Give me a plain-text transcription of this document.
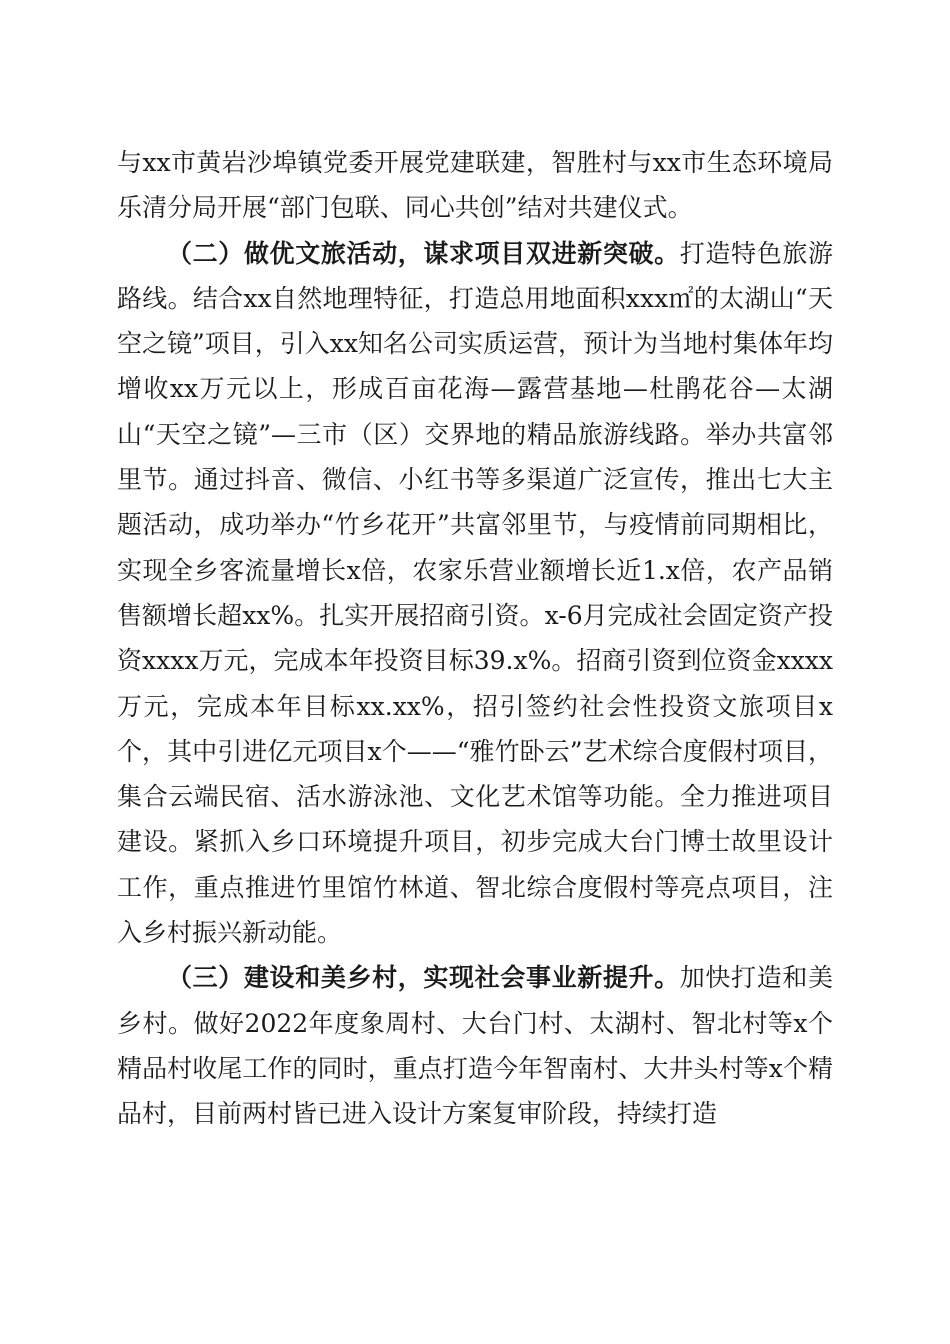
与xx市黄岩沙埠镇党委开展党建联建，智胜村与xx市生态环境局乐清分局开展“部门包联、同心共创”结对共建仪式。

（二）做优文旅活动，谋求项目双进新突破。打造特色旅游路线。结合xx自然地理特征，打造总用地面积xxx㎡的太湖山“天空之镜”项目，引入xx知名公司实质运营，预计为当地村集体年均增收xx万元以上，形成百亩花海—露营基地—杜鹃花谷—太湖山“天空之镜”—三市（区）交界地的精品旅游线路。举办共富邻里节。通过抖音、微信、小红书等多渠道广泛宣传，推出七大主题活动，成功举办“竹乡花开”共富邻里节，与疫情前同期相比，实现全乡客流量增长x倍，农家乐营业额增长近1.x倍，农产品销售额增长超xx%。扎实开展招商引资。x-6月完成社会固定资产投资xxxx万元，完成本年投资目标39.x%。招商引资到位资金xxxx万元，完成本年目标xx.xx%，招引签约社会性投资文旅项目x个，其中引进亿元项目x个——“雅竹卧云”艺术综合度假村项目，集合云端民宿、活水游泳池、文化艺术馆等功能。全力推进项目建设。紧抓入乡口环境提升项目，初步完成大台门博士故里设计工作，重点推进竹里馆竹林道、智北综合度假村等亮点项目，注入乡村振兴新动能。

（三）建设和美乡村，实现社会事业新提升。加快打造和美乡村。做好2022年度象周村、大台门村、太湖村、智北村等x个精品村收尾工作的同时，重点打造今年智南村、大井头村等x个精品村，目前两村皆已进入设计方案复审阶段，持续打造
